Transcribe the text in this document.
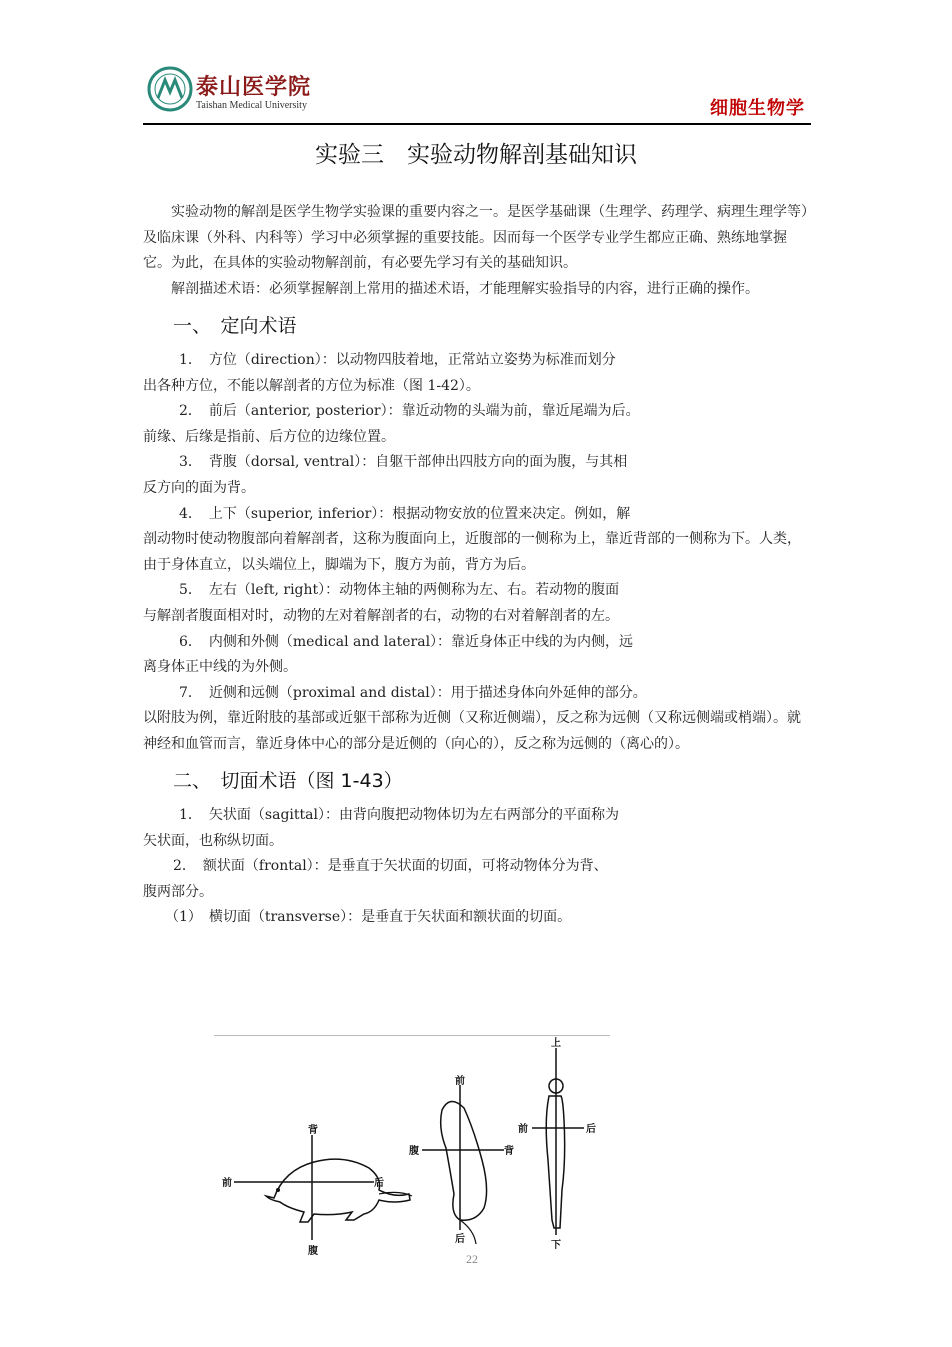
泰山医学院
Taishan Medical University	细胞生物学
实验三　实验动物解剖基础知识

实验动物的解剖是医学生物学实验课的重要内容之一。是医学基础课（生理学、药理学、病理生理学等）及临床课（外科、内科等）学习中必须掌握的重要技能。因而每一个医学专业学生都应正确、熟练地掌握它。为此，在具体的实验动物解剖前，有必要先学习有关的基础知识。

解剖描述术语：必须掌握解剖上常用的描述术语，才能理解实验指导的内容，进行正确的操作。

一、　定向术语

1．　方位（direction）：以动物四肢着地，正常站立姿势为标准而划分

出各种方位，不能以解剖者的方位为标准（图 1-42）。

2．　前后（anterior, posterior）：靠近动物的头端为前，靠近尾端为后。

前缘、后缘是指前、后方位的边缘位置。

3．　背腹（dorsal, ventral）：自躯干部伸出四肢方向的面为腹，与其相

反方向的面为背。

4．　上下（superior, inferior）：根据动物安放的位置来决定。例如，解

剖动物时使动物腹部向着解剖者，这称为腹面向上，近腹部的一侧称为上，靠近背部的一侧称为下。人类，由于身体直立，以头端位上，脚端为下，腹方为前，背方为后。

5．　左右（left, right）：动物体主轴的两侧称为左、右。若动物的腹面

与解剖者腹面相对时，动物的左对着解剖者的右，动物的右对着解剖者的左。

6．　内侧和外侧（medical and lateral）：靠近身体正中线的为内侧，远

离身体正中线的为外侧。

7．　近侧和远侧（proximal and distal）：用于描述身体向外延伸的部分。

以附肢为例，靠近附肢的基部或近躯干部称为近侧（又称近侧端），反之称为远侧（又称远侧端或梢端）。就神经和血管而言，靠近身体中心的部分是近侧的（向心的），反之称为远侧的（离心的）。

二、　切面术语（图 1-43）

1．　矢状面（sagittal）：由背向腹把动物体切为左右两部分的平面称为

矢状面，也称纵切面。

2．　额状面（frontal）：是垂直于矢状面的切面，可将动物体分为背、

腹两部分。

（1）　横切面（transverse）：是垂直于矢状面和额状面的切面。

背
腹
前	后
前
后
腹	背
上
下
前	后
22
